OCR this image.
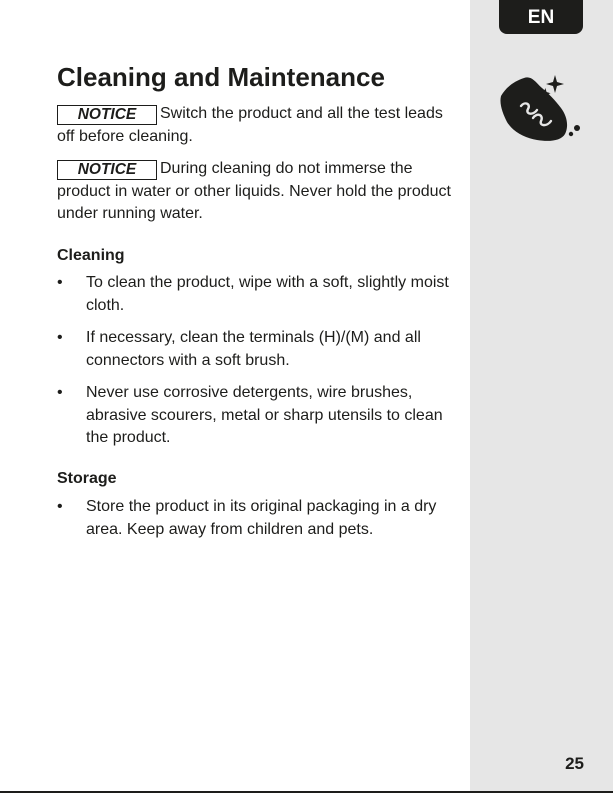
EN
25
Cleaning and Maintenance

NOTICE Switch the product and all the test leads off before cleaning.

NOTICE During cleaning do not immerse the product in water or other liquids. Never hold the product under running water.

Cleaning
• To clean the product, wipe with a soft, slightly moist cloth.
• If necessary, clean the terminals (H)/(M) and all connectors with a soft brush.
• Never use corrosive detergents, wire brushes, abrasive scourers, metal or sharp utensils to clean the product.
Storage
• Store the product in its original packaging in a dry area. Keep away from children and pets.
